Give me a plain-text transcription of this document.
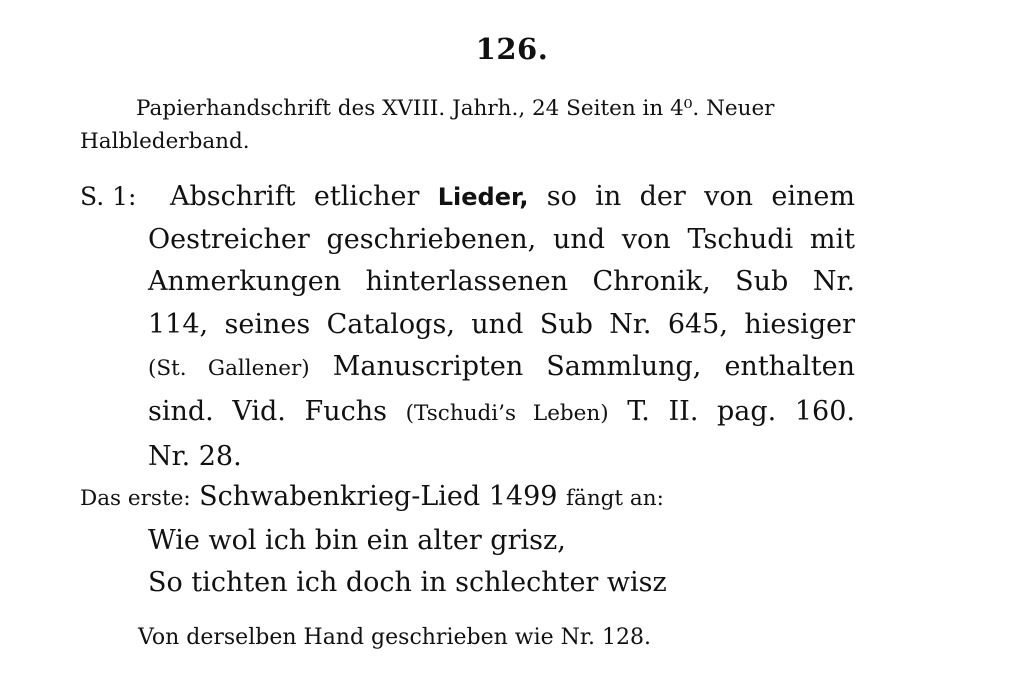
126.
Papierhandschrift des XVIII. Jahrh., 24 Seiten in 4⁰. Neuer
Halblederband.
S. 1:	Abschrift etlicher Lieder, so in der von einem
Oestreicher geschriebenen, und von Tschudi mit
Anmerkungen hinterlassenen Chronik, Sub Nr.
114, seines Catalogs, und Sub Nr. 645, hiesiger
(St. Gallener) Manuscripten Sammlung, enthalten
sind. Vid. Fuchs (Tschudi’s Leben) T. II. pag. 160.
Nr. 28.
Das erste: Schwabenkrieg-Lied 1499 fängt an:
Wie wol ich bin ein alter grisz,
So tichten ich doch in schlechter wisz
Von derselben Hand geschrieben wie Nr. 128.
